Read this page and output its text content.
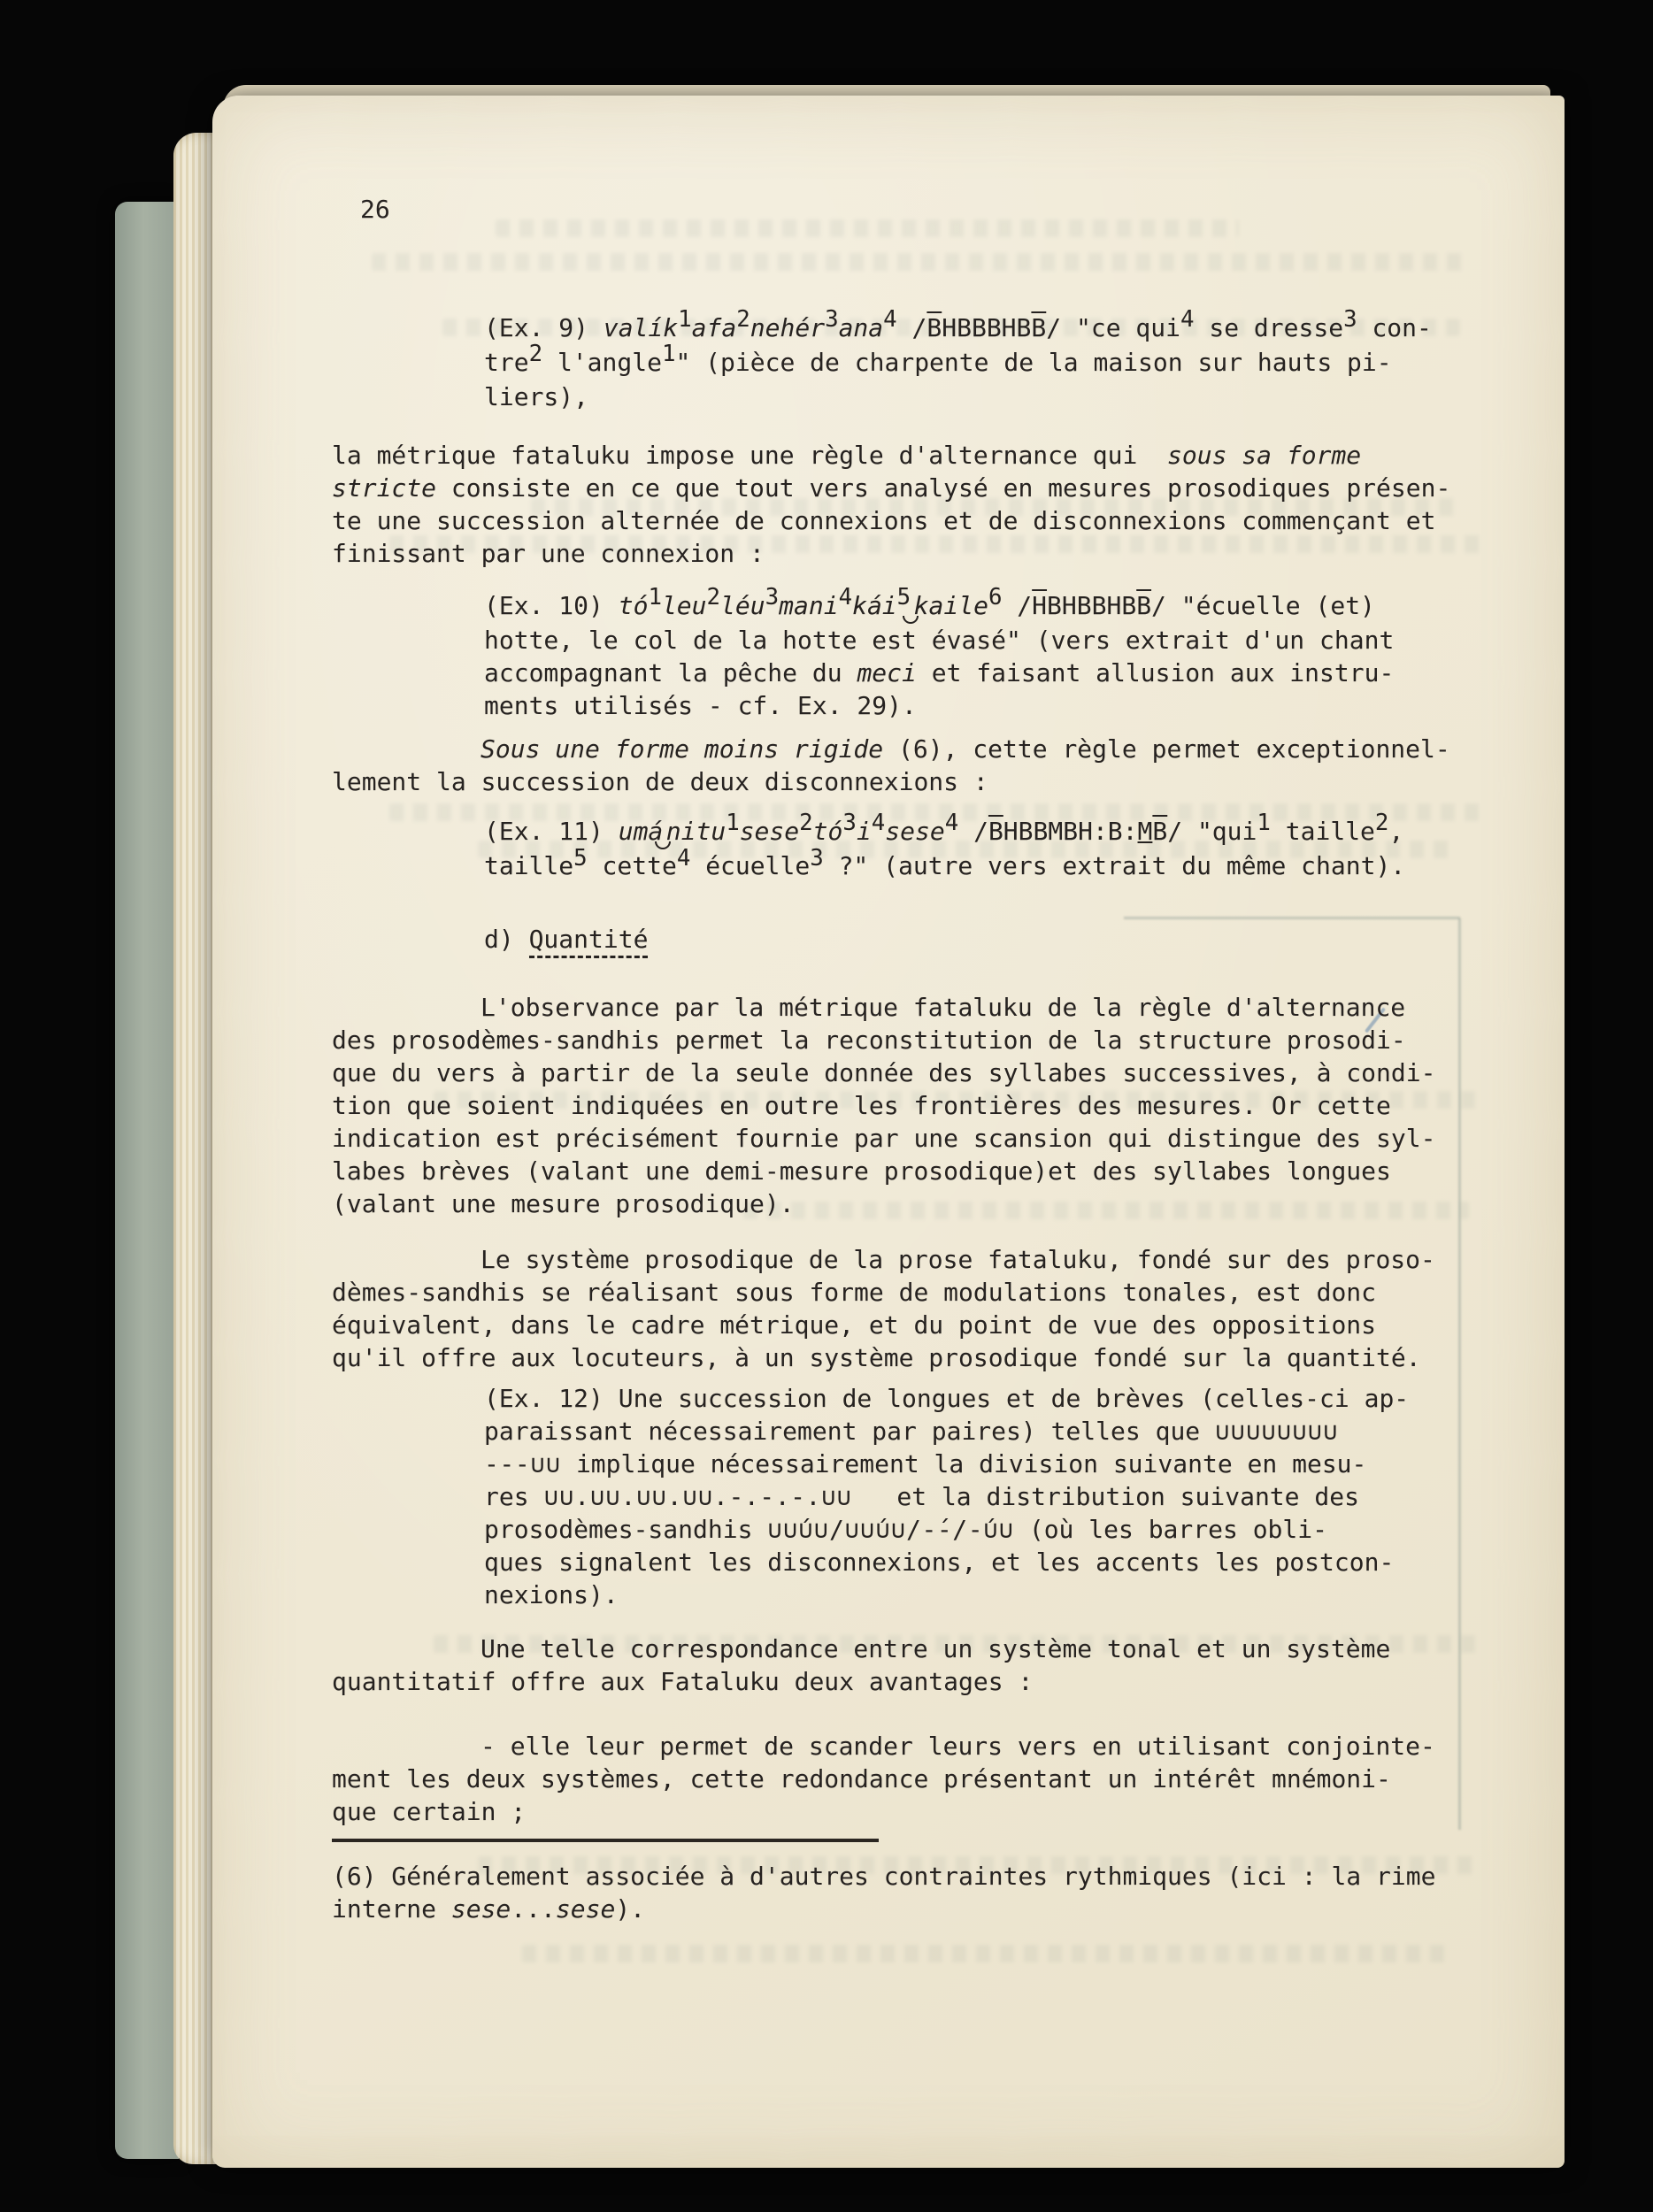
26
(Ex. 9) valík1afa2nehér3ana4 $/\overline{B}HBBBHB\overline{B}/$ "ce qui4 se dresse3 con-
tre2 l'angle1" (pièce de charpente de la maison sur hauts pi-
liers),
la métrique fataluku impose une règle d'alternance qui  sous sa forme
stricte consiste en ce que tout vers analysé en mesures prosodiques présen-
te une succession alternée de connexions et de disconnexions commençant et
finissant par une connexion :
(Ex. 10) tó1leu2léu3mani4kái5 kaile6 $/\overline{H}BHBBHB\overline{B}/$ "écuelle (et)
hotte, le col de la hotte est évasé" (vers extrait d'un chant
accompagnant la pêche du meci et faisant allusion aux instru-
ments utilisés - cf. Ex. 29).
Sous une forme moins rigide (6), cette règle permet exceptionnel-
lement la succession de deux disconnexions :
(Ex. 11) umá nitu1sese2tó3i4sese4 $/\overline{B}HBBMBH:B:M\overline{B}/$ "qui1 taille2,
taille5 cette4 écuelle3 ?" (autre vers extrait du même chant).
d) Quantité
L'observance par la métrique fataluku de la règle d'alternance
des prosodèmes-sandhis permet la reconstitution de la structure prosodi-
que du vers à partir de la seule donnée des syllabes successives, à condi-
tion que soient indiquées en outre les frontières des mesures. Or cette
indication est précisément fournie par une scansion qui distingue des syl-
labes brèves (valant une demi-mesure prosodique)et des syllabes longues
(valant une mesure prosodique).
Le système prosodique de la prose fataluku, fondé sur des proso-
dèmes-sandhis se réalisant sous forme de modulations tonales, est donc
équivalent, dans le cadre métrique, et du point de vue des oppositions
qu'il offre aux locuteurs, à un système prosodique fondé sur la quantité.
(Ex. 12) Une succession de longues et de brèves (celles-ci ap-
paraissant nécessairement par paires) telles que ∪∪∪∪∪∪∪∪
---∪∪ implique nécessairement la division suivante en mesu-
res ∪∪.∪∪.∪∪.∪∪.-.-.-.∪∪   et la distribution suivante des
prosodèmes-sandhis ∪∪́∪∪/∪∪́∪∪/-́-/-́∪∪ (où les barres obli-
ques signalent les disconnexions, et les accents les postcon-
nexions).
Une telle correspondance entre un système tonal et un système
quantitatif offre aux Fataluku deux avantages :
- elle leur permet de scander leurs vers en utilisant conjointe-
ment les deux systèmes, cette redondance présentant un intérêt mnémoni-
que certain ;
(6) Généralement associée à d'autres contraintes rythmiques (ici : la rime
interne sese...sese).
